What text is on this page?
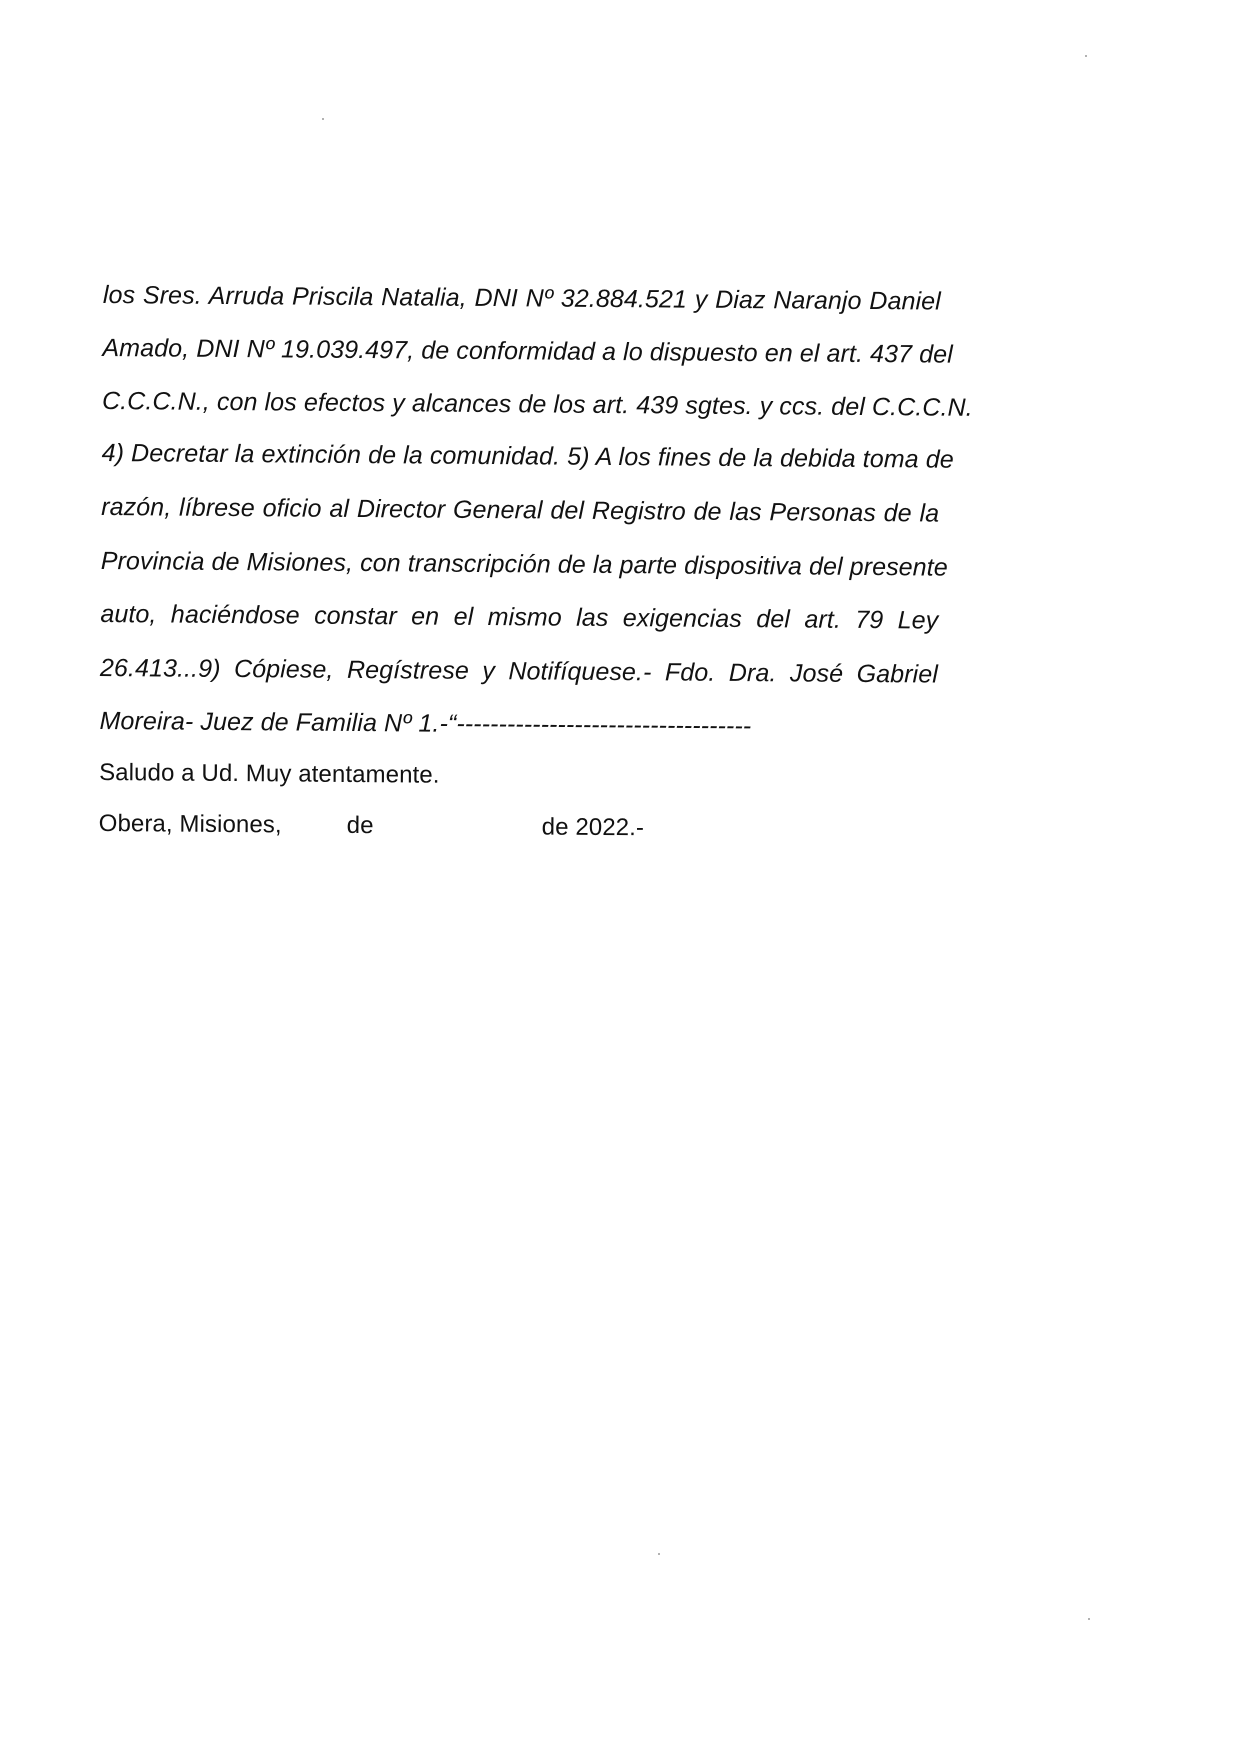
los Sres. Arruda Priscila Natalia, DNI Nº 32.884.521 y Diaz Naranjo Daniel
Amado, DNI Nº 19.039.497, de conformidad a lo dispuesto en el art. 437 del
C.C.C.N., con los efectos y alcances de los art. 439 sgtes. y ccs. del C.C.C.N.
4) Decretar la extinción de la comunidad. 5) A los fines de la debida toma de
razón, líbrese oficio al Director General del Registro de las Personas de la
Provincia de Misiones, con transcripción de la parte dispositiva del presente
auto, haciéndose constar en el mismo las exigencias del art. 79 Ley
26.413...9) Cópiese, Regístrese y Notifíquese.- Fdo. Dra. José Gabriel
Moreira- Juez de Familia Nº 1.-“-----------------------------------
Saludo a Ud. Muy atentamente.
Obera, Misiones,	de	de 2022.-
